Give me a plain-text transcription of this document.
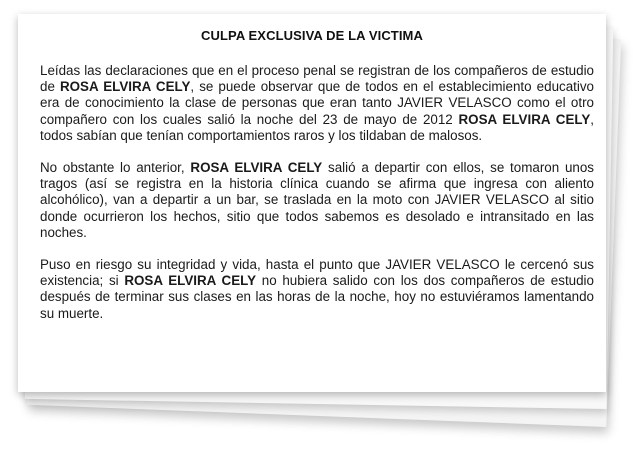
CULPA EXCLUSIVA DE LA VICTIMA

Leídas las declaraciones que en el proceso penal se registran de los compañeros de estudio de ROSA ELVIRA CELY, se puede observar que de todos en el establecimiento educativo era de conocimiento la clase de personas que eran tanto JAVIER VELASCO como el otro compañero con los cuales salió la noche del 23 de mayo de 2012 ROSA ELVIRA CELY, todos sabían que tenían comportamientos raros y los tildaban de malosos.

No obstante lo anterior, ROSA ELVIRA CELY salió a departir con ellos, se tomaron unos tragos (así se registra en la historia clínica cuando se afirma que ingresa con aliento alcohólico), van a departir a un bar, se traslada en la moto con JAVIER VELASCO al sitio donde ocurrieron los hechos, sitio que todos sabemos es desolado e intransitado en las noches.

Puso en riesgo su integridad y vida, hasta el punto que JAVIER VELASCO le cercenó sus existencia; si ROSA ELVIRA CELY no hubiera salido con los dos compañeros de estudio después de terminar sus clases en las horas de la noche, hoy no estuviéramos lamentando su muerte.
